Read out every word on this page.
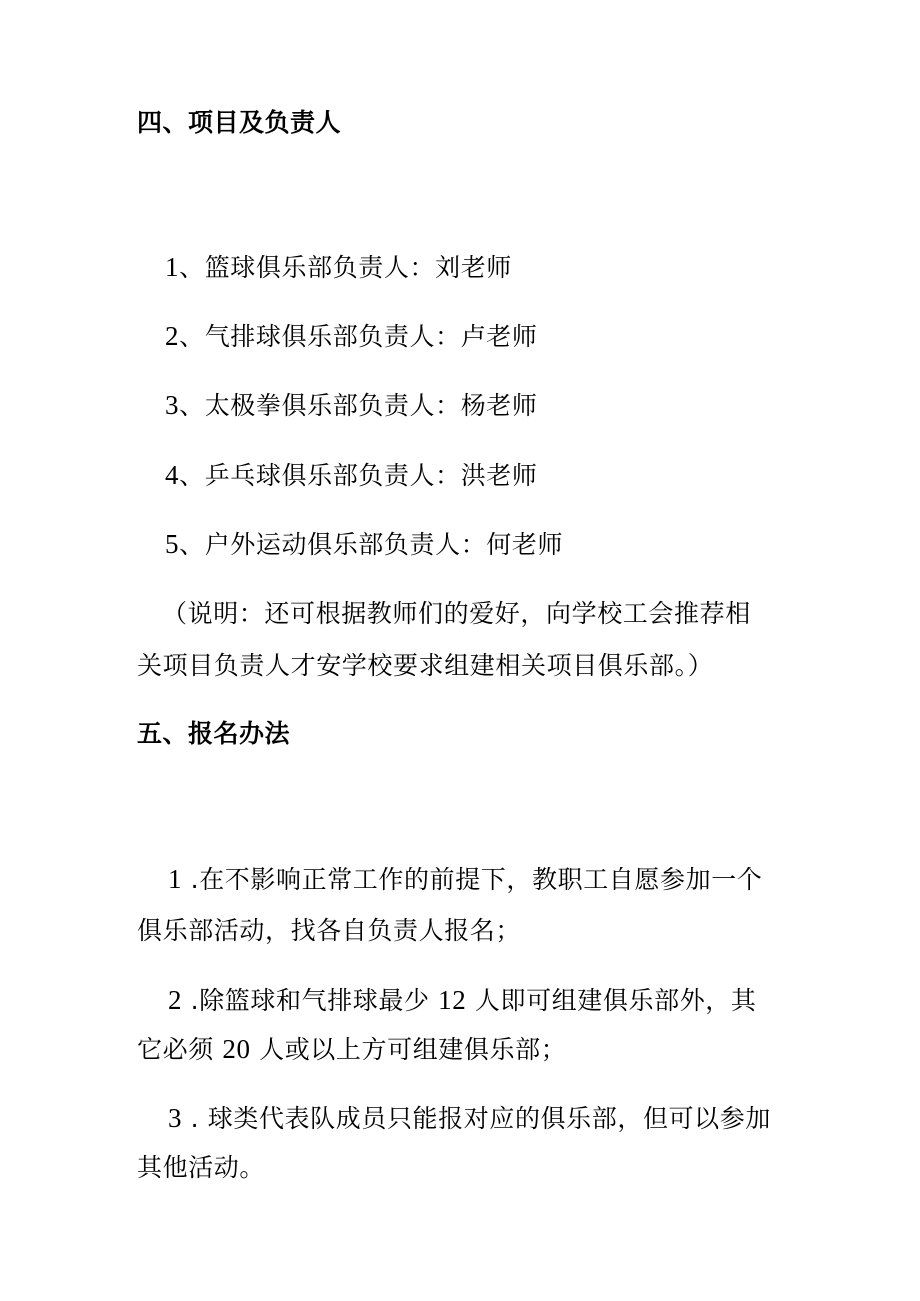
四、项目及负责人
1、篮球俱乐部负责人：刘老师
2、气排球俱乐部负责人：卢老师
3、太极拳俱乐部负责人：杨老师
4、乒乓球俱乐部负责人：洪老师
5、户外运动俱乐部负责人：何老师
（说明：还可根据教师们的爱好，向学校工会推荐相
关项目负责人才安学校要求组建相关项目俱乐部。）
五、报名办法
1 .在不影响正常工作的前提下，教职工自愿参加一个
俱乐部活动，找各自负责人报名；
2 .除篮球和气排球最少 12 人即可组建俱乐部外，其
它必须 20 人或以上方可组建俱乐部；
3 . 球类代表队成员只能报对应的俱乐部，但可以参加
其他活动。
